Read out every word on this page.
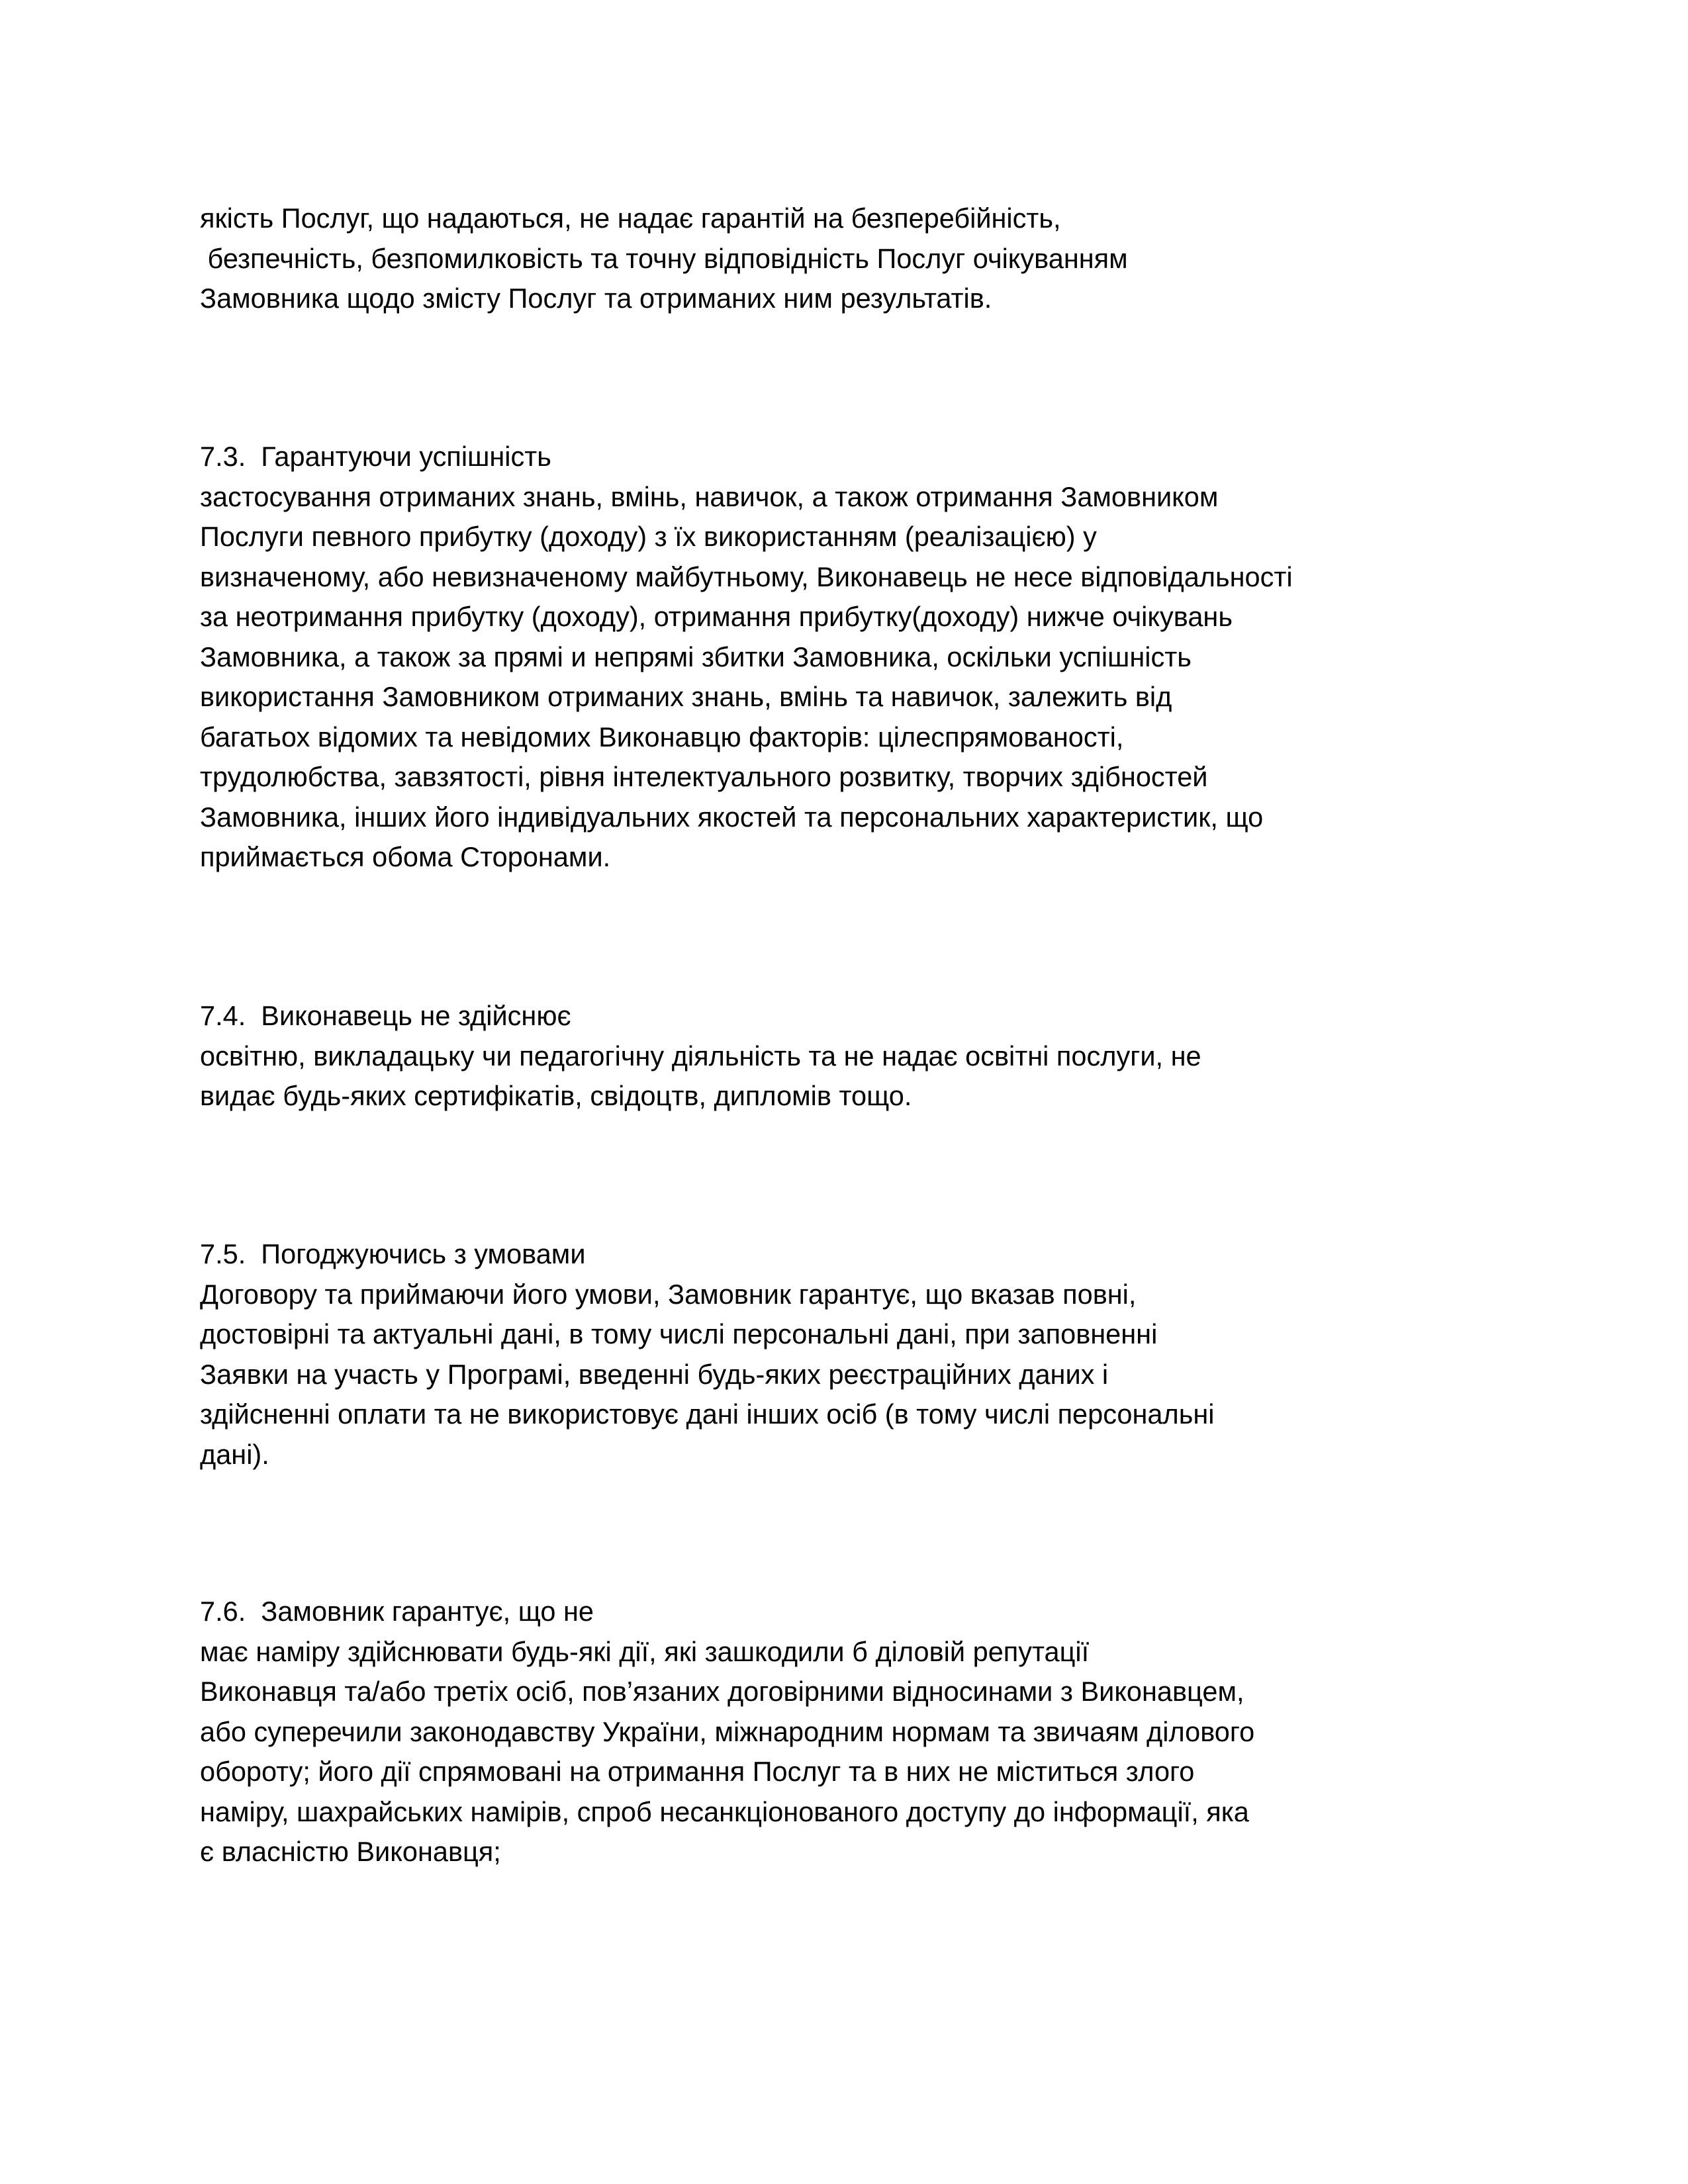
якість Послуг, що надаються, не надає гарантій на безперебійність,
безпечність, безпомилковість та точну відповідність Послуг очікуванням
Замовника щодо змісту Послуг та отриманих ним результатів.
7.3.  Гарантуючи успішність
застосування отриманих знань, вмінь, навичок, а також отримання Замовником
Послуги певного прибутку (доходу) з їх використанням (реалізацією) у
визначеному, або невизначеному майбутньому, Виконавець не несе відповідальності
за неотримання прибутку (доходу), отримання прибутку(доходу) нижче очікувань
Замовника, а також за прямі и непрямі збитки Замовника, оскільки успішність
використання Замовником отриманих знань, вмінь та навичок, залежить від
багатьох відомих та невідомих Виконавцю факторів: цілеспрямованості,
трудолюбства, завзятості, рівня інтелектуального розвитку, творчих здібностей
Замовника, інших його індивідуальних якостей та персональних характеристик, що
приймається обома Сторонами.
7.4.  Виконавець не здійснює
освітню, викладацьку чи педагогічну діяльність та не надає освітні послуги, не
видає будь-яких сертифікатів, свідоцтв, дипломів тощо.
7.5.  Погоджуючись з умовами
Договору та приймаючи його умови, Замовник гарантує, що вказав повні,
достовірні та актуальні дані, в тому числі персональні дані, при заповненні
Заявки на участь у Програмі, введенні будь-яких реєстраційних даних і
здійсненні оплати та не використовує дані інших осіб (в тому числі персональні
дані).
7.6.  Замовник гарантує, що не
має наміру здійснювати будь-які дії, які зашкодили б діловій репутації
Виконавця та/або третіх осіб, пов’язаних договірними відносинами з Виконавцем,
або суперечили законодавству України, міжнародним нормам та звичаям ділового
обороту; його дії спрямовані на отримання Послуг та в них не міститься злого
наміру, шахрайських намірів, спроб несанкціонованого доступу до інформації, яка
є власністю Виконавця;
